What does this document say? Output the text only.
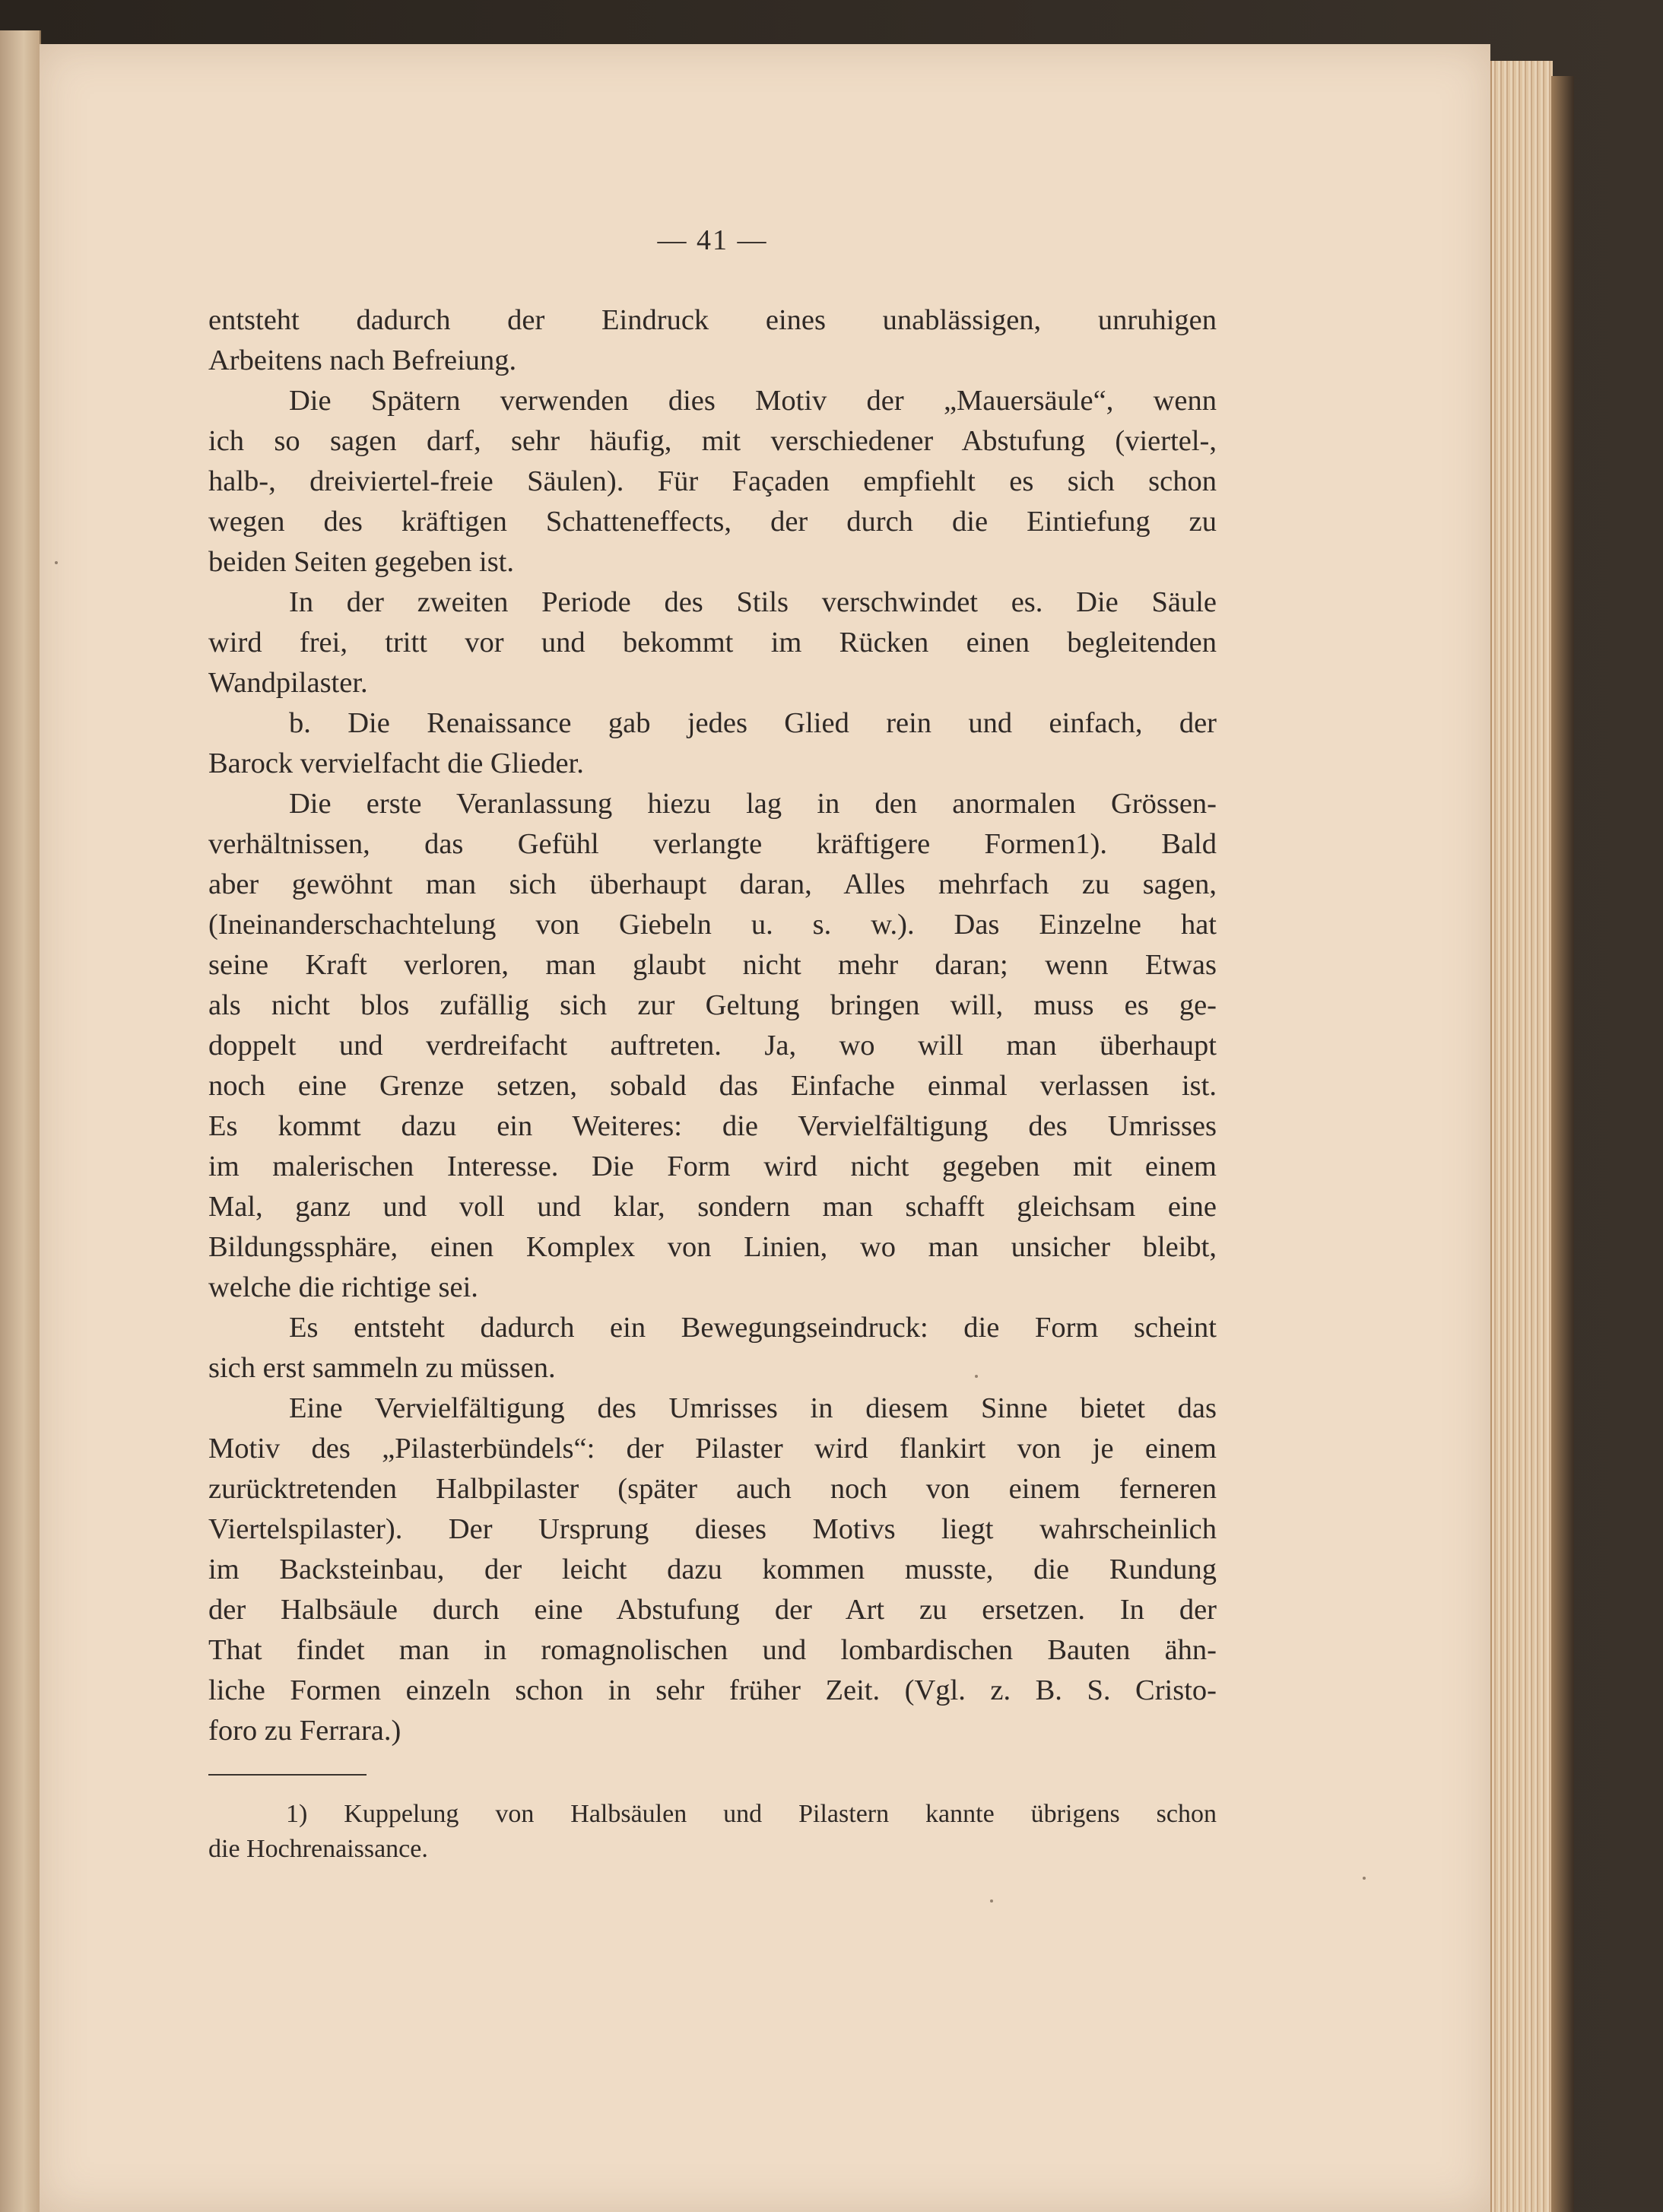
— 41 —
entsteht dadurch der Eindruck eines unablässigen, unruhigen
Arbeitens nach Befreiung.
Die Spätern verwenden dies Motiv der „Mauersäule“, wenn
ich so sagen darf, sehr häufig, mit verschiedener Abstufung (viertel-,
halb-, dreiviertel-freie Säulen). Für Façaden empfiehlt es sich schon
wegen des kräftigen Schatteneffects, der durch die Eintiefung zu
beiden Seiten gegeben ist.
In der zweiten Periode des Stils verschwindet es. Die Säule
wird frei, tritt vor und bekommt im Rücken einen begleitenden
Wandpilaster.
b. Die Renaissance gab jedes Glied rein und einfach, der
Barock vervielfacht die Glieder.
Die erste Veranlassung hiezu lag in den anormalen Grössen-
verhältnissen, das Gefühl verlangte kräftigere Formen1). Bald
aber gewöhnt man sich überhaupt daran, Alles mehrfach zu sagen,
(Ineinanderschachtelung von Giebeln u. s. w.). Das Einzelne hat
seine Kraft verloren, man glaubt nicht mehr daran; wenn Etwas
als nicht blos zufällig sich zur Geltung bringen will, muss es ge-
doppelt und verdreifacht auftreten. Ja, wo will man überhaupt
noch eine Grenze setzen, sobald das Einfache einmal verlassen ist.
Es kommt dazu ein Weiteres: die Vervielfältigung des Umrisses
im malerischen Interesse. Die Form wird nicht gegeben mit einem
Mal, ganz und voll und klar, sondern man schafft gleichsam eine
Bildungssphäre, einen Komplex von Linien, wo man unsicher bleibt,
welche die richtige sei.
Es entsteht dadurch ein Bewegungseindruck: die Form scheint
sich erst sammeln zu müssen.
Eine Vervielfältigung des Umrisses in diesem Sinne bietet das
Motiv des „Pilasterbündels“: der Pilaster wird flankirt von je einem
zurücktretenden Halbpilaster (später auch noch von einem ferneren
Viertelspilaster). Der Ursprung dieses Motivs liegt wahrscheinlich
im Backsteinbau, der leicht dazu kommen musste, die Rundung
der Halbsäule durch eine Abstufung der Art zu ersetzen. In der
That findet man in romagnolischen und lombardischen Bauten ähn-
liche Formen einzeln schon in sehr früher Zeit. (Vgl. z. B. S. Cristo-
foro zu Ferrara.)
1) Kuppelung von Halbsäulen und Pilastern kannte übrigens schon
die Hochrenaissance.
